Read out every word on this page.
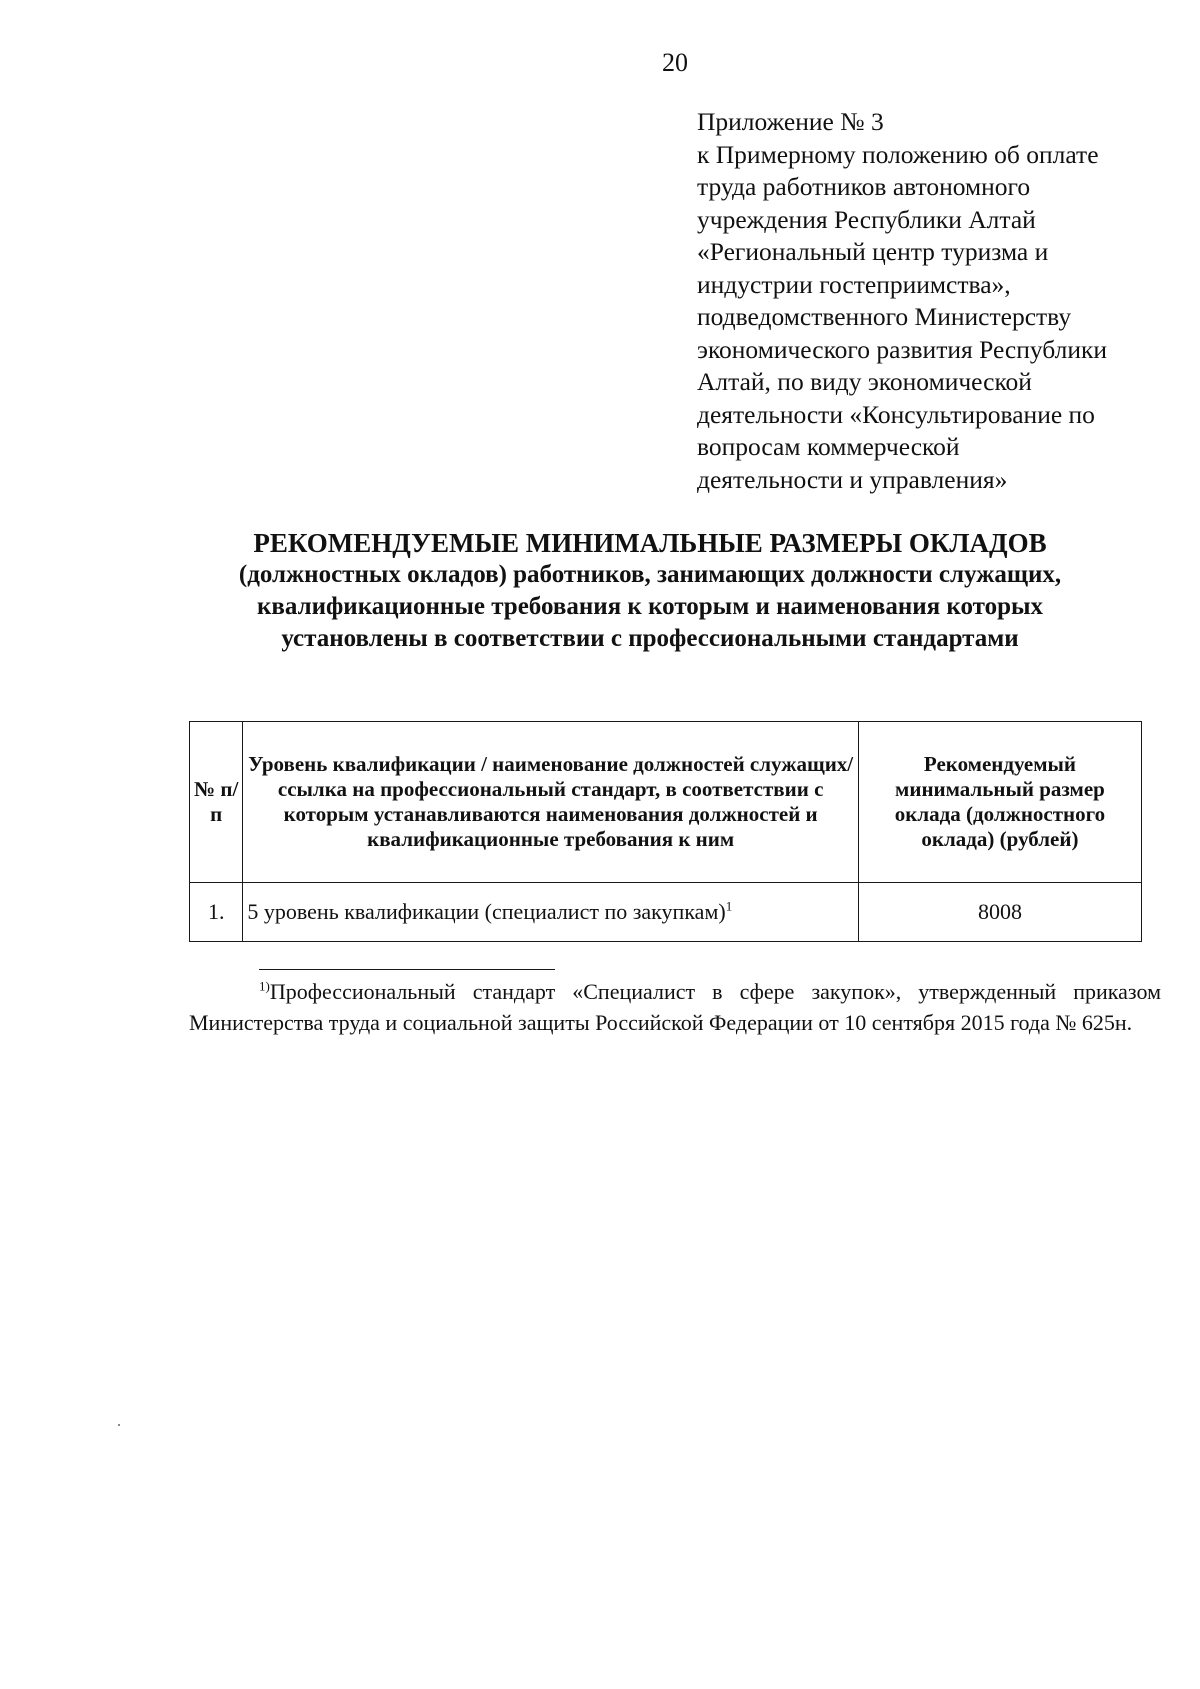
20
Приложение № 3
к Примерному положению об оплате
труда работников автономного
учреждения Республики Алтай
«Региональный центр туризма и
индустрии гостеприимства»,
подведомственного Министерству
экономического развития Республики
Алтай, по виду экономической
деятельности «Консультирование по
вопросам коммерческой
деятельности и управления»
РЕКОМЕНДУЕМЫЕ МИНИМАЛЬНЫЕ РАЗМЕРЫ ОКЛАДОВ
(должностных окладов) работников, занимающих должности служащих,
квалификационные требования к которым и наименования которых
установлены в соответствии с профессиональными стандартами
№ п/п	Уровень квалификации / наименование должностей служащих/ссылка на профессиональный стандарт, в соответствии с которым устанавливаются наименования должностей и квалификационные требования к ним	Рекомендуемый минимальный размер оклада (должностного оклада) (рублей)
1.	5 уровень квалификации (специалист по закупкам)$^1$	8008
$^{1)}$Профессиональный стандарт «Специалист в сфере закупок», утвержденный приказом Министерства труда и социальной защиты Российской Федерации от 10 сентября 2015 года № 625н.
